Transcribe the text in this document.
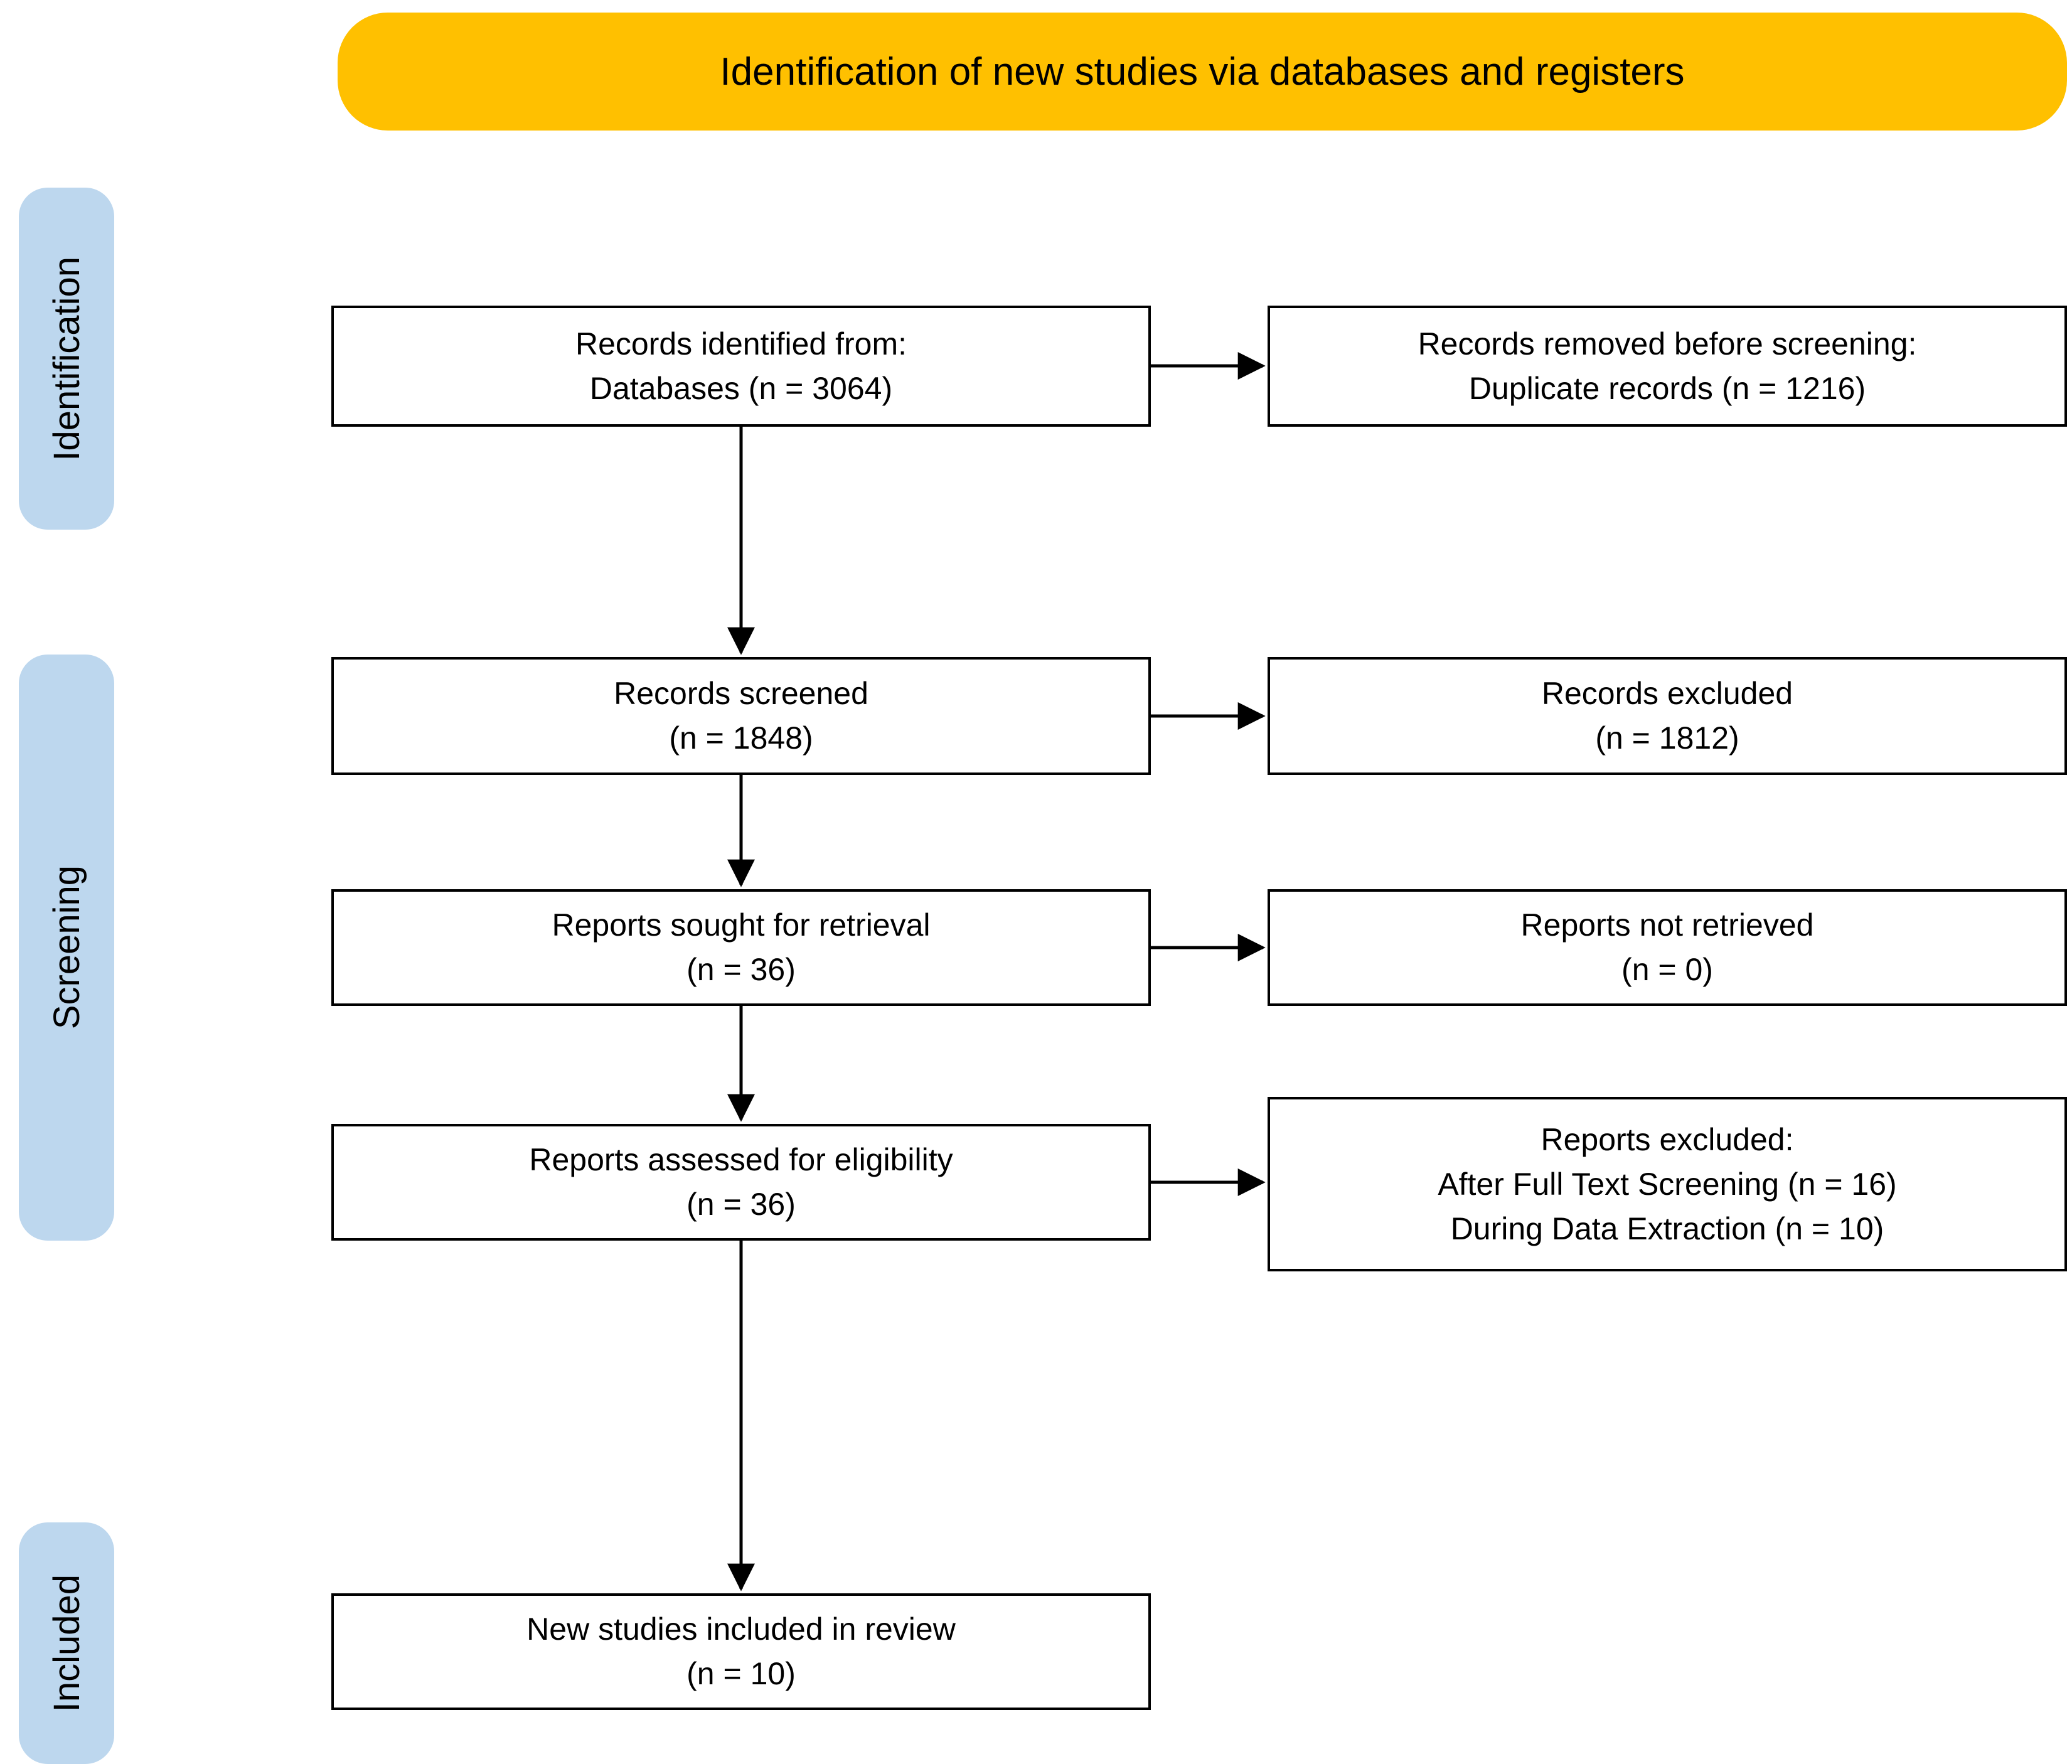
Identification of new studies via databases and registers
Identification
Screening
Included
Records identified from:
Databases (n = 3064)
Records removed before screening:
Duplicate records (n = 1216)
Records screened
(n = 1848)
Records excluded
(n = 1812)
Reports sought for retrieval
(n = 36)
Reports not retrieved
(n = 0)
Reports assessed for eligibility
(n = 36)
Reports excluded:
After Full Text Screening (n = 16)
During Data Extraction (n = 10)
New studies included in review
(n = 10)
